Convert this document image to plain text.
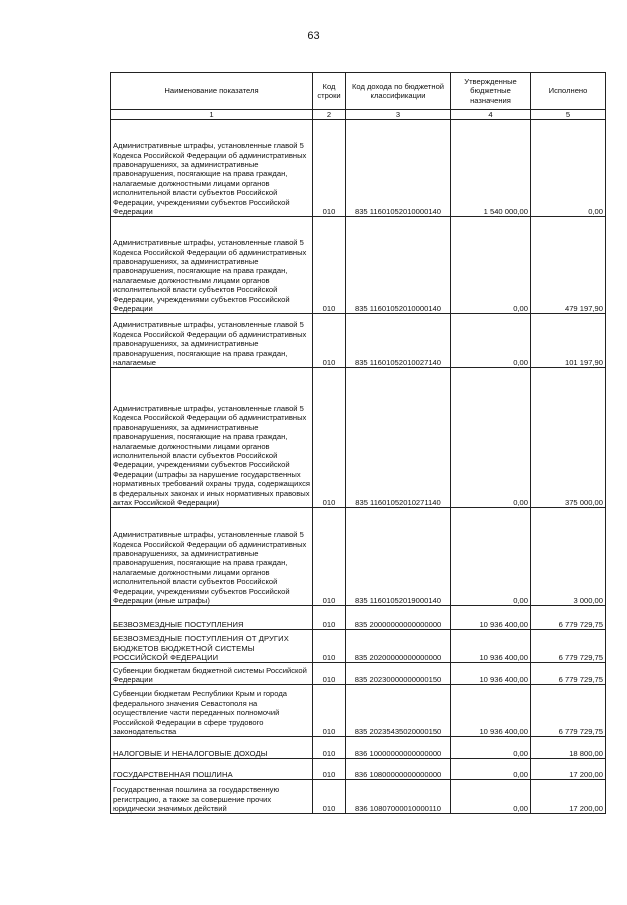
63
Наименование показателя	Код строки	Код дохода по бюджетной классификации	Утвержденные бюджетные назначения	Исполнено
1	2	3	4	5
Административные штрафы, установленные главой 5 Кодекса Российской Федерации об административных правонарушениях, за административные правонарушения, посягающие на права граждан, налагаемые должностными лицами органов исполнительной власти субъектов Российской Федерации, учреждениями субъектов Российской Федерации	010	835 11601052010000140	1 540 000,00	0,00
Административные штрафы, установленные главой 5 Кодекса Российской Федерации об административных правонарушениях, за административные правонарушения, посягающие на права граждан, налагаемые должностными лицами органов исполнительной власти субъектов Российской Федерации, учреждениями субъектов Российской Федерации	010	835 11601052010000140	0,00	479 197,90
Административные штрафы, установленные главой 5 Кодекса Российской Федерации об административных правонарушениях, за административные правонарушения, посягающие на права граждан, налагаемые	010	835 11601052010027140	0,00	101 197,90
Административные штрафы, установленные главой 5 Кодекса Российской Федерации об административных правонарушениях, за административные правонарушения, посягающие на права граждан, налагаемые должностными лицами органов исполнительной власти субъектов Российской Федерации, учреждениями субъектов Российской Федерации (штрафы за нарушение государственных нормативных требований охраны труда, содержащихся в федеральных законах и иных нормативных правовых актах Российской Федерации)	010	835 11601052010271140	0,00	375 000,00
Административные штрафы, установленные главой 5 Кодекса Российской Федерации об административных правонарушениях, за административные правонарушения, посягающие на права граждан, налагаемые должностными лицами органов исполнительной власти субъектов Российской Федерации, учреждениями субъектов Российской Федерации (иные штрафы)	010	835 11601052019000140	0,00	3 000,00
БЕЗВОЗМЕЗДНЫЕ ПОСТУПЛЕНИЯ	010	835 20000000000000000	10 936 400,00	6 779 729,75
БЕЗВОЗМЕЗДНЫЕ ПОСТУПЛЕНИЯ ОТ ДРУГИХ БЮДЖЕТОВ БЮДЖЕТНОЙ СИСТЕМЫ РОССИЙСКОЙ ФЕДЕРАЦИИ	010	835 20200000000000000	10 936 400,00	6 779 729,75
Субвенции бюджетам бюджетной системы Российской Федерации	010	835 20230000000000150	10 936 400,00	6 779 729,75
Субвенции бюджетам Республики Крым и города федерального значения Севастополя на осуществление части переданных полномочий Российской Федерации в сфере трудового законодательства	010	835 20235435020000150	10 936 400,00	6 779 729,75
НАЛОГОВЫЕ И НЕНАЛОГОВЫЕ ДОХОДЫ	010	836 10000000000000000	0,00	18 800,00
ГОСУДАРСТВЕННАЯ ПОШЛИНА	010	836 10800000000000000	0,00	17 200,00
Государственная пошлина за государственную регистрацию, а также за совершение прочих юридически значимых действий	010	836 10807000010000110	0,00	17 200,00
